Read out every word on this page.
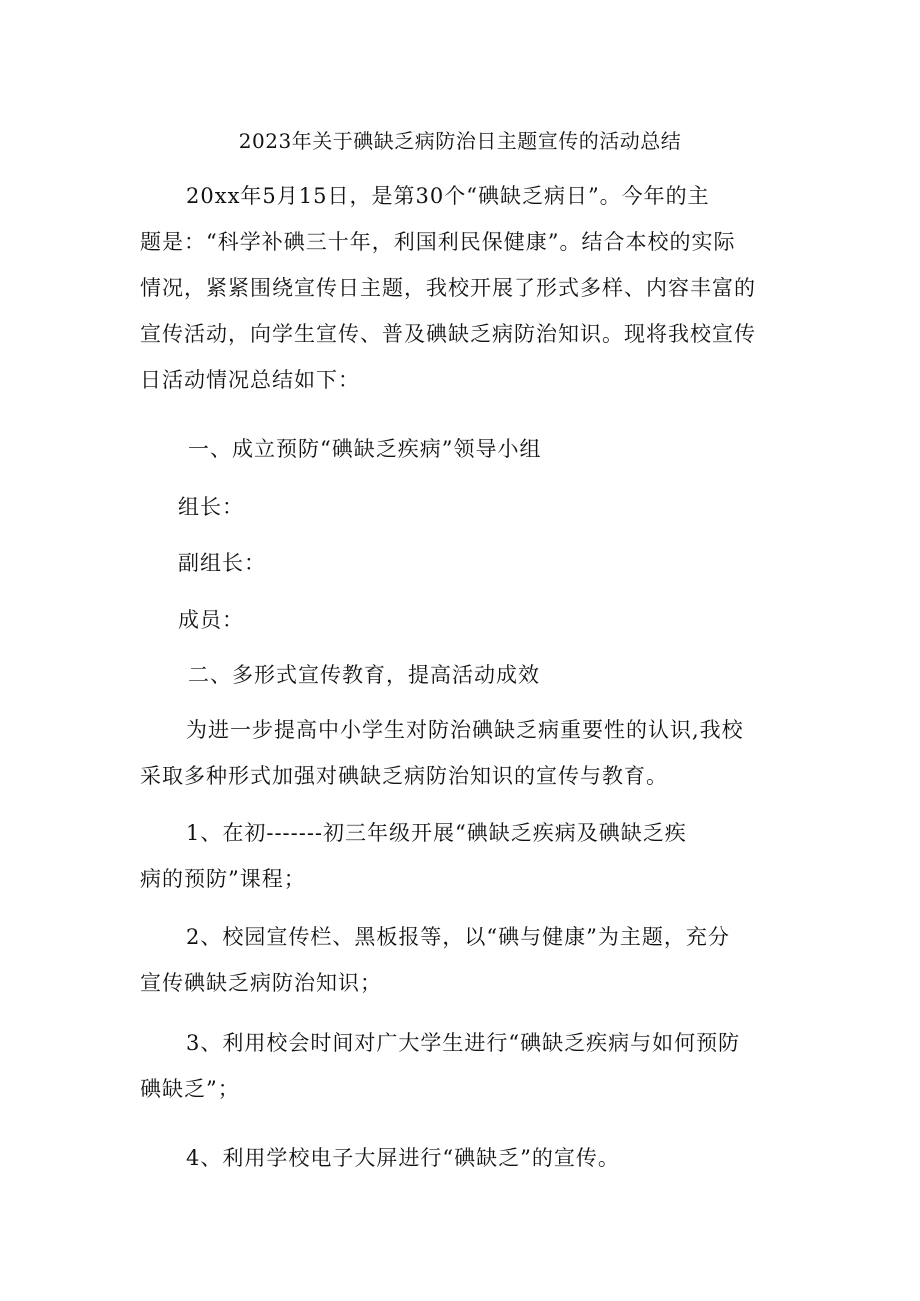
2023年关于碘缺乏病防治日主题宣传的活动总结
20xx年5月15日，是第30个“碘缺乏病日”。今年的主
题是：“科学补碘三十年，利国利民保健康”。结合本校的实际
情况，紧紧围绕宣传日主题，我校开展了形式多样、内容丰富的
宣传活动，向学生宣传、普及碘缺乏病防治知识。现将我校宣传
日活动情况总结如下：
一、成立预防“碘缺乏疾病”领导小组
组长：
副组长：
成员：
二、多形式宣传教育，提高活动成效
为进一步提高中小学生对防治碘缺乏病重要性的认识,我校
采取多种形式加强对碘缺乏病防治知识的宣传与教育。
1、在初-------初三年级开展“碘缺乏疾病及碘缺乏疾
病的预防”课程；
2、校园宣传栏、黑板报等，以“碘与健康”为主题，充分
宣传碘缺乏病防治知识；
3、利用校会时间对广大学生进行“碘缺乏疾病与如何预防
碘缺乏”；
4、利用学校电子大屏进行“碘缺乏”的宣传。
